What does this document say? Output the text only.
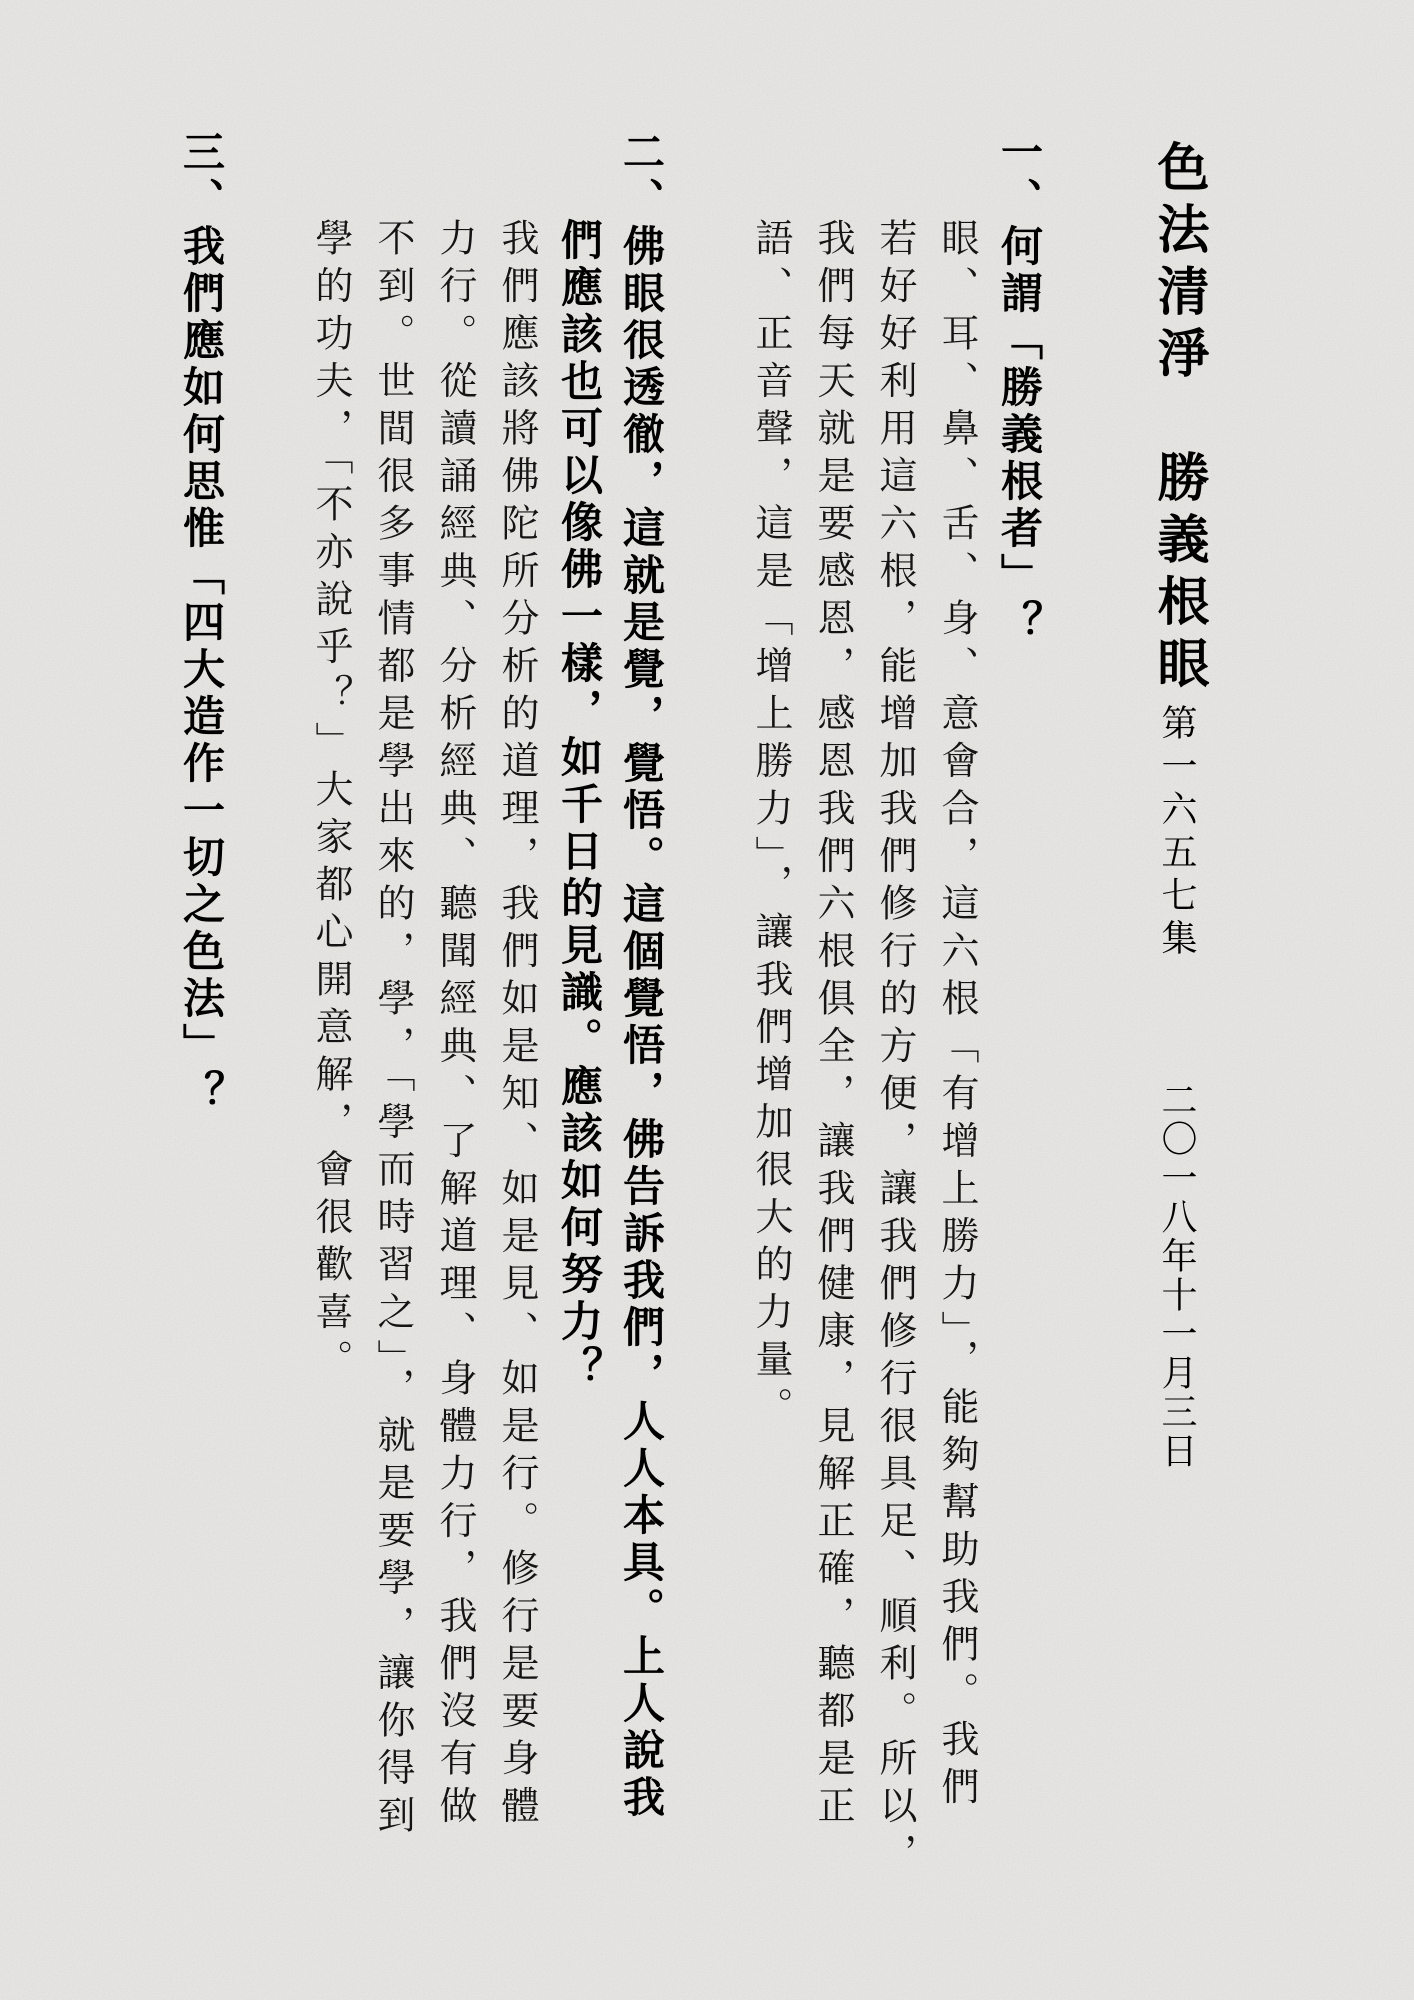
色法清淨　勝義根眼 第一六五七集 二〇一八年十一月三日
一、何謂「勝義根者」？
眼、耳、鼻、舌、身、意會合，這六根「有增上勝力」，能夠幫助我們。我們
若好好利用這六根，能增加我們修行的方便，讓我們修行很具足、順利。所以，
我們每天就是要感恩，感恩我們六根俱全，讓我們健康，見解正確，聽都是正
語、正音聲，這是「增上勝力」，讓我們增加很大的力量。
二、佛眼很透徹，這就是覺，覺悟。這個覺悟，佛告訴我們，人人本具。上人說我
們應該也可以像佛一樣，如千日的見識。應該如何努力？
我們應該將佛陀所分析的道理，我們如是知、如是見、如是行。修行是要身體
力行。從讀誦經典、分析經典、聽聞經典、了解道理、身體力行，我們沒有做
不到。世間很多事情都是學出來的，學，「學而時習之」，就是要學，讓你得到
學的功夫，「不亦說乎？」大家都心開意解，會很歡喜。
三、我們應如何思惟「四大造作一切之色法」？
